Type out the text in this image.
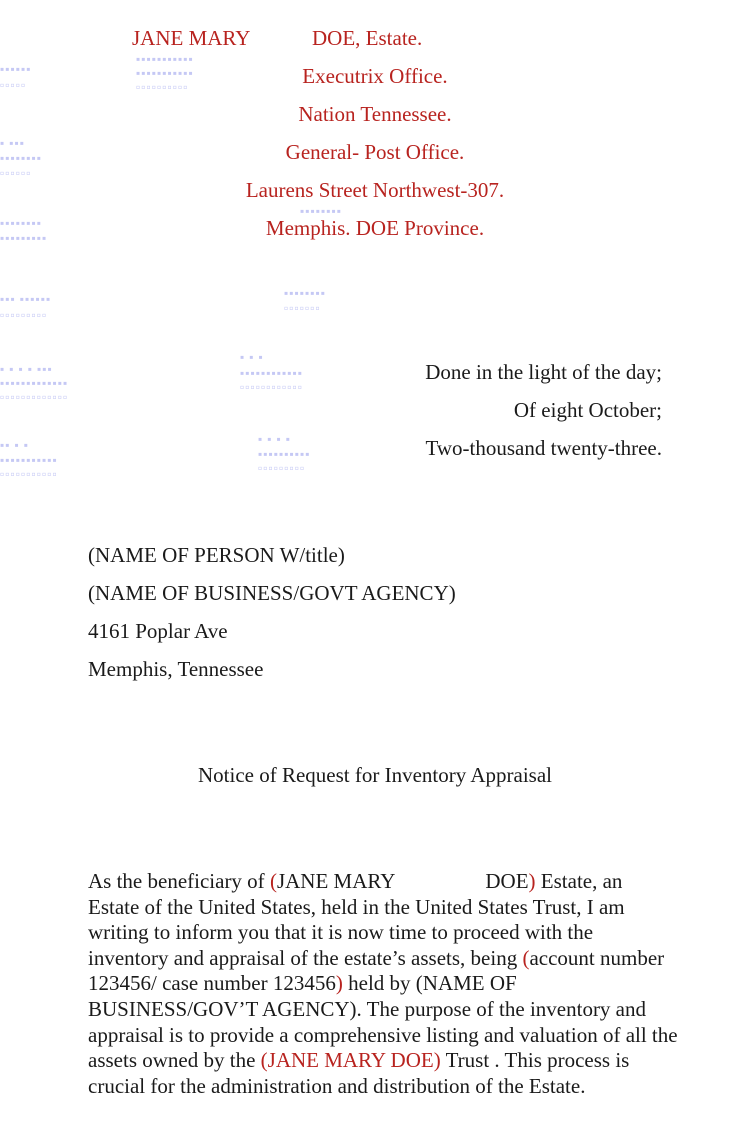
▪▪▪▪▪▪
▫▫▫▫▫
▪ ▪▪▪
▪▪▪▪▪▪▪▪
▫▫▫▫▫▫
▪▪▪▪▪▪▪▪
▪▪▪▪▪▪▪▪▪
▪▪▪ ▪▪▪▪▪▪
▫▫▫▫▫▫▫▫▫
▪ ▪ ▪ ▪ ▪▪▪
▪▪▪▪▪▪▪▪▪▪▪▪▪
▫▫▫▫▫▫▫▫▫▫▫▫▫
▪▪ ▪ ▪
▪▪▪▪▪▪▪▪▪▪▪
▫▫▫▫▫▫▫▫▫▫▫
▪▪▪▪▪▪▪▪▪▪▪
▪▪▪▪▪▪▪▪▪▪▪
▫▫▫▫▫▫▫▫▫▫
▪▪▪▪▪▪▪▪
▪▪▪▪▪▪▪▪
▫▫▫▫▫▫▫
▪ ▪ ▪
▪▪▪▪▪▪▪▪▪▪▪▪
▫▫▫▫▫▫▫▫▫▫▫▫
▪ ▪ ▪ ▪
▪▪▪▪▪▪▪▪▪▪
▫▫▫▫▫▫▫▫▫
JANE MARY	DOE, Estate.
Executrix Office.
Nation Tennessee.
General- Post Office.
Laurens Street Northwest-307.
Memphis. DOE Province.
Done in the light of the day;
Of eight October;
Two-thousand twenty-three.
(NAME OF PERSON W/title)
(NAME OF BUSINESS/GOVT AGENCY)
4161 Poplar Ave
Memphis, Tennessee
Notice of Request for Inventory Appraisal
As the beneficiary of (JANE MARY	DOE) Estate, an Estate of the United States, held in the United States Trust, I am writing to inform you that it is now time to proceed with the inventory and appraisal of the estate’s assets, being (account number 123456/ case number 123456) held by (NAME OF BUSINESS/GOV’T AGENCY). The purpose of the inventory and appraisal is to provide a comprehensive listing and valuation of all the assets owned by the (JANE MARY DOE) Trust . This process is crucial for the administration and distribution of the Estate.
